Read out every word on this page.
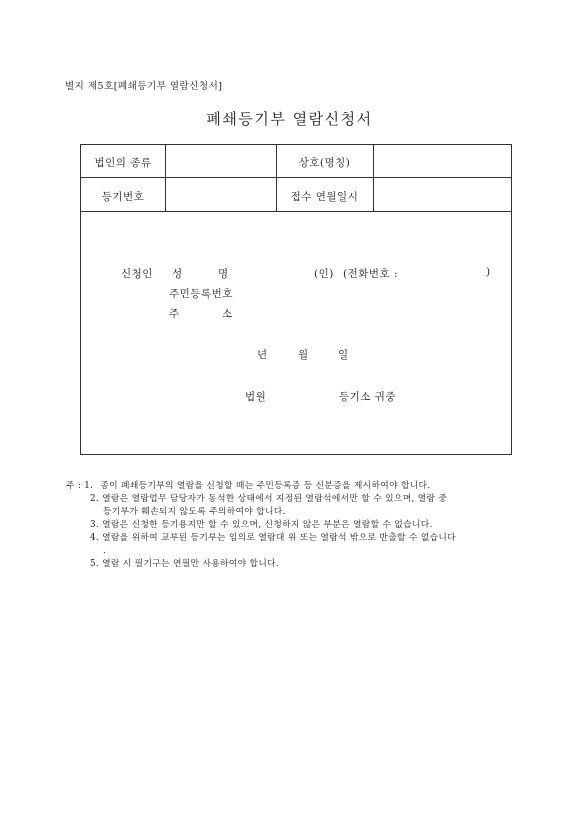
별지 제5호[폐쇄등기부 열람신청서]
폐쇄등기부 열람신청서
법인의 종류	상호(명칭)
등기번호	접수 연월일시
신청인 성	명	(인) (전화번호 :	)
주민등록번호
주	소
년	월	일
법원	등기소 귀중
주 : 1. 종이 폐쇄등기부의 열람을 신청할 때는 주민등록증 등 신분증을 제시하여야 합니다.
2. 열람은 열람업무 담당자가 동석한 상태에서 지정된 열람석에서만 할 수 있으며, 열람 중
등기부가 훼손되지 않도록 주의하여야 합니다.
3. 열람은 신청한 등기용지만 할 수 있으며, 신청하지 않은 부분은 열람할 수 없습니다.
4. 열람을 위하여 교부된 등기부는 임의로 열람대 위 또는 열람석 밖으로 반출할 수 없습니다
.
5. 열람 시 필기구는 연필만 사용하여야 합니다.
